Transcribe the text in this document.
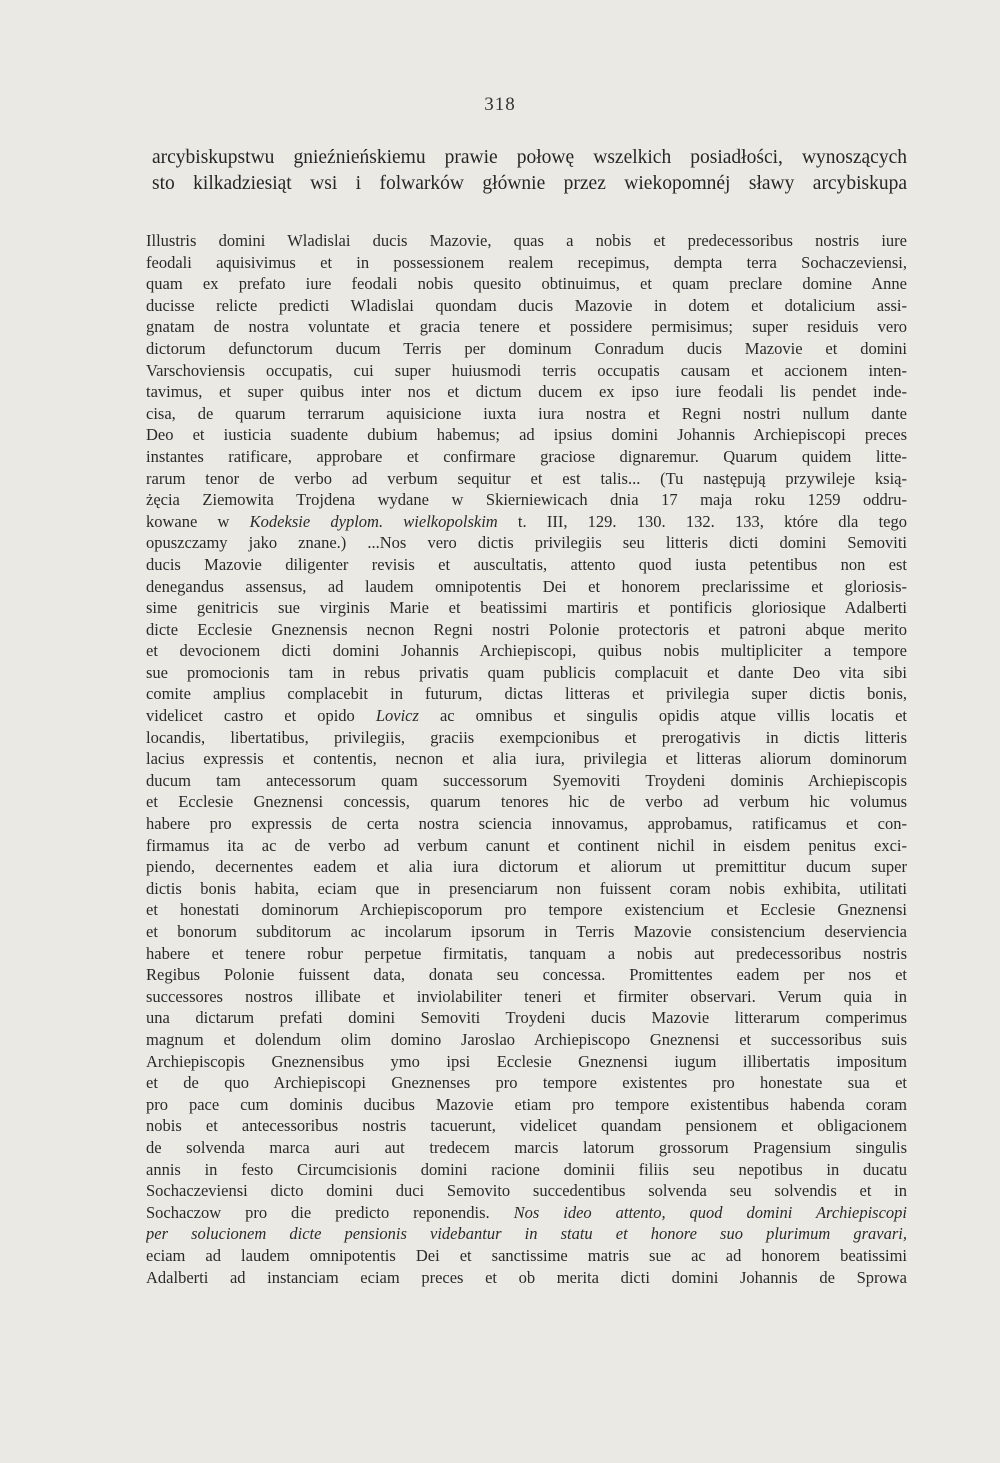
318
arcybiskupstwu gnieźnieńskiemu prawie połowę wszelkich posiadłości, wynoszących
sto kilkadziesiąt wsi i folwarków głównie przez wiekopomnéj sławy arcybiskupa
Illustris domini Wladislai ducis Mazovie, quas a nobis et predecessoribus nostris iure
feodali aquisivimus et in possessionem realem recepimus, dempta terra Sochaczeviensi,
quam ex prefato iure feodali nobis quesito obtinuimus, et quam preclare domine Anne
ducisse relicte predicti Wladislai quondam ducis Mazovie in dotem et dotalicium assi-
gnatam de nostra voluntate et gracia tenere et possidere permisimus; super residuis vero
dictorum defunctorum ducum Terris per dominum Conradum ducis Mazovie et domini
Varschoviensis occupatis, cui super huiusmodi terris occupatis causam et accionem inten-
tavimus, et super quibus inter nos et dictum ducem ex ipso iure feodali lis pendet inde-
cisa, de quarum terrarum aquisicione iuxta iura nostra et Regni nostri nullum dante
Deo et iusticia suadente dubium habemus; ad ipsius domini Johannis Archiepiscopi preces
instantes ratificare, approbare et confirmare graciose dignaremur. Quarum quidem litte-
rarum tenor de verbo ad verbum sequitur et est talis... (Tu następują przywileje ksią-
żęcia Ziemowita Trojdena wydane w Skierniewicach dnia 17 maja roku 1259 oddru-
kowane w Kodeksie dyplom. wielkopolskim t. III, 129. 130. 132. 133, które dla tego
opuszczamy jako znane.) ...Nos vero dictis privilegiis seu litteris dicti domini Semoviti
ducis Mazovie diligenter revisis et auscultatis, attento quod iusta petentibus non est
denegandus assensus, ad laudem omnipotentis Dei et honorem preclarissime et gloriosis-
sime genitricis sue virginis Marie et beatissimi martiris et pontificis gloriosique Adalberti
dicte Ecclesie Gneznensis necnon Regni nostri Polonie protectoris et patroni abque merito
et devocionem dicti domini Johannis Archiepiscopi, quibus nobis multipliciter a tempore
sue promocionis tam in rebus privatis quam publicis complacuit et dante Deo vita sibi
comite amplius complacebit in futurum, dictas litteras et privilegia super dictis bonis,
videlicet castro et opido Lovicz ac omnibus et singulis opidis atque villis locatis et
locandis, libertatibus, privilegiis, graciis exempcionibus et prerogativis in dictis litteris
lacius expressis et contentis, necnon et alia iura, privilegia et litteras aliorum dominorum
ducum tam antecessorum quam successorum Syemoviti Troydeni dominis Archiepiscopis
et Ecclesie Gneznensi concessis, quarum tenores hic de verbo ad verbum hic volumus
habere pro expressis de certa nostra sciencia innovamus, approbamus, ratificamus et con-
firmamus ita ac de verbo ad verbum canunt et continent nichil in eisdem penitus exci-
piendo, decernentes eadem et alia iura dictorum et aliorum ut premittitur ducum super
dictis bonis habita, eciam que in presenciarum non fuissent coram nobis exhibita, utilitati
et honestati dominorum Archiepiscoporum pro tempore existencium et Ecclesie Gneznensi
et bonorum subditorum ac incolarum ipsorum in Terris Mazovie consistencium deserviencia
habere et tenere robur perpetue firmitatis, tanquam a nobis aut predecessoribus nostris
Regibus Polonie fuissent data, donata seu concessa. Promittentes eadem per nos et
successores nostros illibate et inviolabiliter teneri et firmiter observari. Verum quia in
una dictarum prefati domini Semoviti Troydeni ducis Mazovie litterarum comperimus
magnum et dolendum olim domino Jaroslao Archiepiscopo Gneznensi et successoribus suis
Archiepiscopis Gneznensibus ymo ipsi Ecclesie Gneznensi iugum illibertatis impositum
et de quo Archiepiscopi Gneznenses pro tempore existentes pro honestate sua et
pro pace cum dominis ducibus Mazovie etiam pro tempore existentibus habenda coram
nobis et antecessoribus nostris tacuerunt, videlicet quandam pensionem et obligacionem
de solvenda marca auri aut tredecem marcis latorum grossorum Pragensium singulis
annis in festo Circumcisionis domini racione dominii filiis seu nepotibus in ducatu
Sochaczeviensi dicto domini duci Semovito succedentibus solvenda seu solvendis et in
Sochaczow pro die predicto reponendis. Nos ideo attento, quod domini Archiepiscopi
per solucionem dicte pensionis videbantur in statu et honore suo plurimum gravari,
eciam ad laudem omnipotentis Dei et sanctissime matris sue ac ad honorem beatissimi
Adalberti ad instanciam eciam preces et ob merita dicti domini Johannis de Sprowa
